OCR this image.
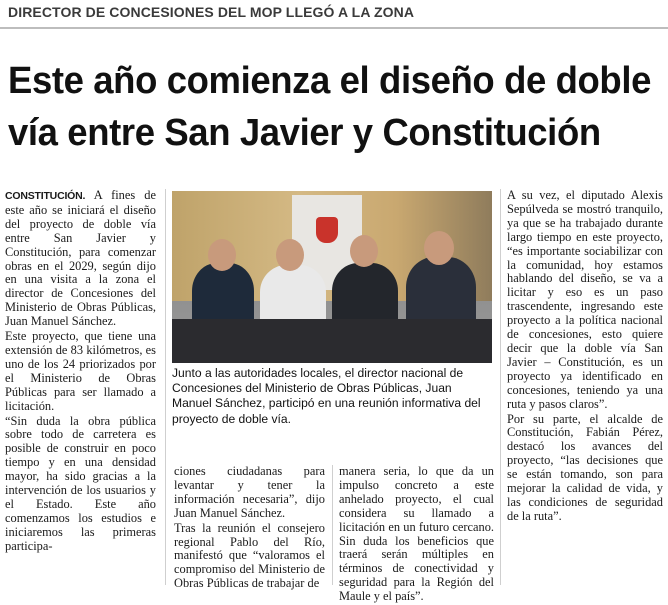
DIRECTOR DE CONCESIONES DEL MOP LLEGÓ A LA ZONA
Este año comienza el diseño de doble
vía entre San Javier y Constitución

CONSTITUCIÓN. A fines de este año se iniciará el diseño del proyecto de doble vía entre San Javier y Constitución, para comenzar obras en el 2029, según dijo en una visita a la zona el director de Concesiones del Ministerio de Obras Públicas, Juan Manuel Sánchez.

Este proyecto, que tiene una extensión de 83 kilómetros, es uno de los 24 priorizados por el Ministerio de Obras Públicas para ser llamado a licitación.

“Sin duda la obra pública sobre todo de carretera es posible de construir en poco tiempo y en una densidad mayor, ha sido gracias a la intervención de los usuarios y el Estado. Este año comenzamos los estudios e iniciaremos las primeras participa-

Junto a las autoridades locales, el director nacional de Concesiones del Ministerio de Obras Públicas, Juan Manuel Sánchez, participó en una reunión informativa del proyecto de doble vía.

ciones ciudadanas para levantar y tener la información necesaria”, dijo Juan Manuel Sánchez.

Tras la reunión el consejero regional Pablo del Río, manifestó que “valoramos el compromiso del Ministerio de Obras Públicas de trabajar de

manera seria, lo que da un impulso concreto a este anhelado proyecto, el cual considera su llamado a licitación en un futuro cercano. Sin duda los beneficios que traerá serán múltiples en términos de conectividad y seguridad para la Región del Maule y el país”.

A su vez, el diputado Alexis Sepúlveda se mostró tranquilo, ya que se ha trabajado durante largo tiempo en este proyecto, “es importante sociabilizar con la comunidad, hoy estamos hablando del diseño, se va a licitar y eso es un paso trascendente, ingresando este proyecto a la política nacional de concesiones, esto quiere decir que la doble vía San Javier – Constitución, es un proyecto ya identificado en concesiones, teniendo ya una ruta y pasos claros”.

Por su parte, el alcalde de Constitución, Fabián Pérez, destacó los avances del proyecto, “las decisiones que se están tomando, son para mejorar la calidad de vida, y las condiciones de seguridad de la ruta”.
